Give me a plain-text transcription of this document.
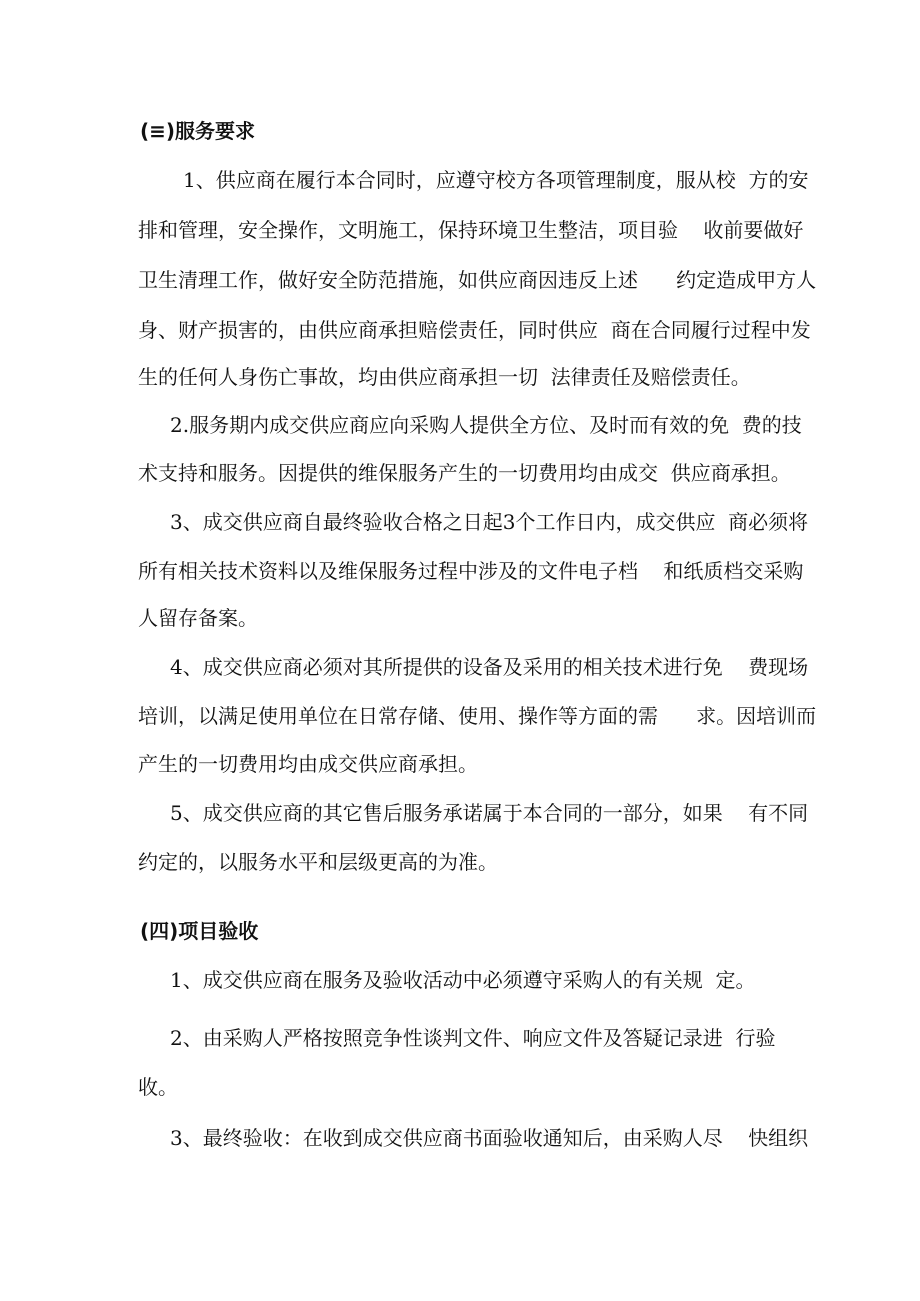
(≡)服务要求

1、供应商在履行本合同时，应遵守校方各项管理制度，服从校  方的安

排和管理，安全操作，文明施工，保持环境卫生整洁，项目验    收前要做好

卫生清理工作，做好安全防范措施，如供应商因违反上述      约定造成甲方人

身、财产损害的，由供应商承担赔偿责任，同时供应  商在合同履行过程中发

生的任何人身伤亡事故，均由供应商承担一切  法律责任及赔偿责任。

2.服务期内成交供应商应向采购人提供全方位、及时而有效的免  费的技

术支持和服务。因提供的维保服务产生的一切费用均由成交  供应商承担。

3、成交供应商自最终验收合格之日起3个工作日内，成交供应  商必须将

所有相关技术资料以及维保服务过程中涉及的文件电子档    和纸质档交采购

人留存备案。

4、成交供应商必须对其所提供的设备及采用的相关技术进行免    费现场

培训，以满足使用单位在日常存储、使用、操作等方面的需      求。因培训而

产生的一切费用均由成交供应商承担。

5、成交供应商的其它售后服务承诺属于本合同的一部分，如果    有不同

约定的，以服务水平和层级更高的为准。

(四)项目验收

1、成交供应商在服务及验收活动中必须遵守采购人的有关规  定。

2、由采购人严格按照竞争性谈判文件、响应文件及答疑记录进  行验

收。

3、最终验收：在收到成交供应商书面验收通知后，由采购人尽    快组织
